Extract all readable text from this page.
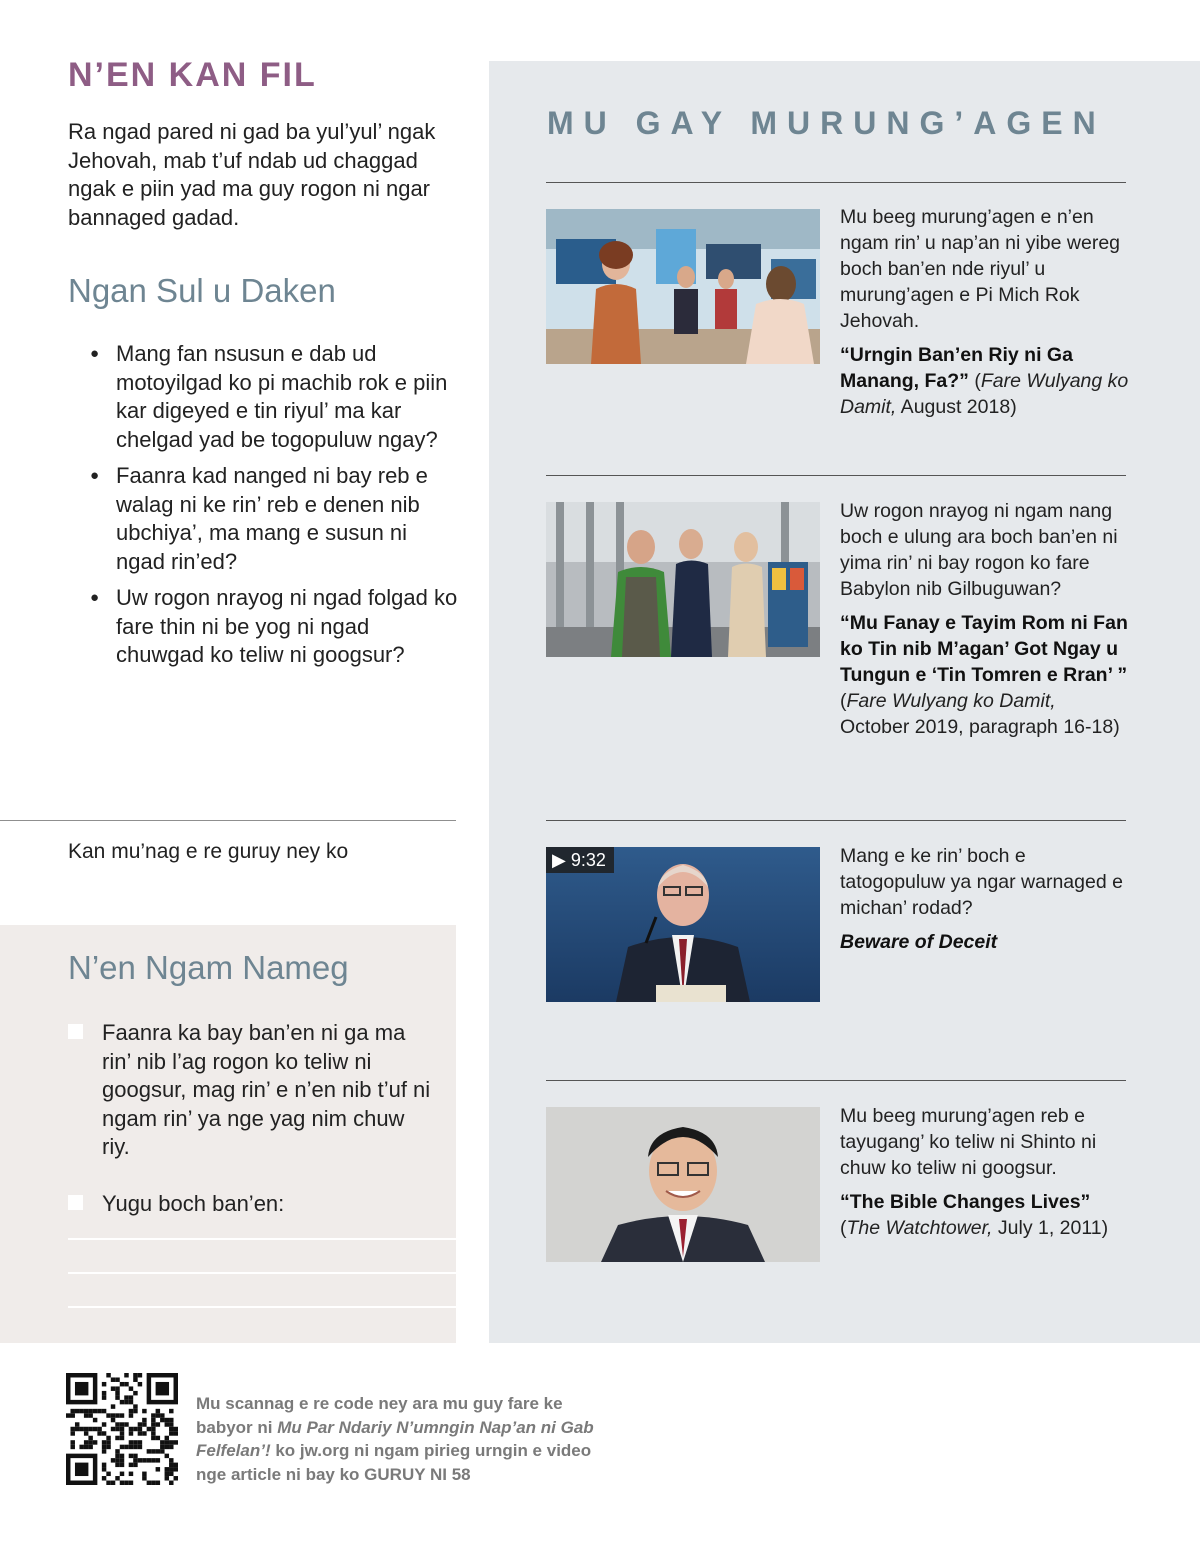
N’EN KAN FIL

Ra ngad pared ni gad ba yul’yul’ ngak Jehovah, mab t’uf ndab ud chaggad ngak e piin yad ma guy rogon ni ngar bannaged gadad.

Ngan Sul u Daken
● Mang fan nsusun e dab ud motoyilgad ko pi machib rok e piin kar digeyed e tin riyul’ ma kar chelgad yad be togopuluw ngay?
● Faanra kad nanged ni bay reb e walag ni ke rin’ reb e denen nib ubchiya’, ma mang e susun ni ngad rin’ed?
● Uw rogon nrayog ni ngad folgad ko fare thin ni be yog ni ngad chuwgad ko teliw ni googsur?

Kan mu’nag e re guruy ney ko

N’en Ngam Nameg
Faanra ka bay ban’en ni ga ma rin’ nib l’ag rogon ko teliw ni googsur, mag rin’ e n’en nib t’uf ni ngam rin’ ya nge yag nim chuw riy.
Yugu boch ban’en:
MU GAY MURUNG’AGEN

Mu beeg murung’agen e n’en ngam rin’ u nap’an ni yibe wereg boch ban’en nde riyul’ u murung’agen e Pi Mich Rok Jehovah.

“Urngin Ban’en Riy ni Ga Manang, Fa?” (Fare Wulyang ko Damit, August 2018)

Uw rogon nrayog ni ngam nang boch e ulung ara boch ban’en ni yima rin’ ni bay rogon ko fare Babylon nib Gilbuguwan?

“Mu Fanay e Tayim Rom ni Fan ko Tin nib M’agan’ Got Ngay u Tungun e ‘Tin Tomren e Rran’ ” (Fare Wulyang ko Damit, October 2019, paragraph 16-18)

▶ 9:32	Mang e ke rin’ boch e tatogopuluw ya ngar warnaged e michan’ rodad?

Beware of Deceit

Mu beeg murung’agen reb e tayugang’ ko teliw ni Shinto ni chuw ko teliw ni googsur.

“The Bible Changes Lives” (The Watchtower, July 1, 2011)

Mu scannag e re code ney ara mu guy fare ke babyor ni Mu Par Ndariy N’umngin Nap’an ni Gab Felfelan’! ko jw.org ni ngam pirieg urngin e video nge article ni bay ko GURUY NI 58
